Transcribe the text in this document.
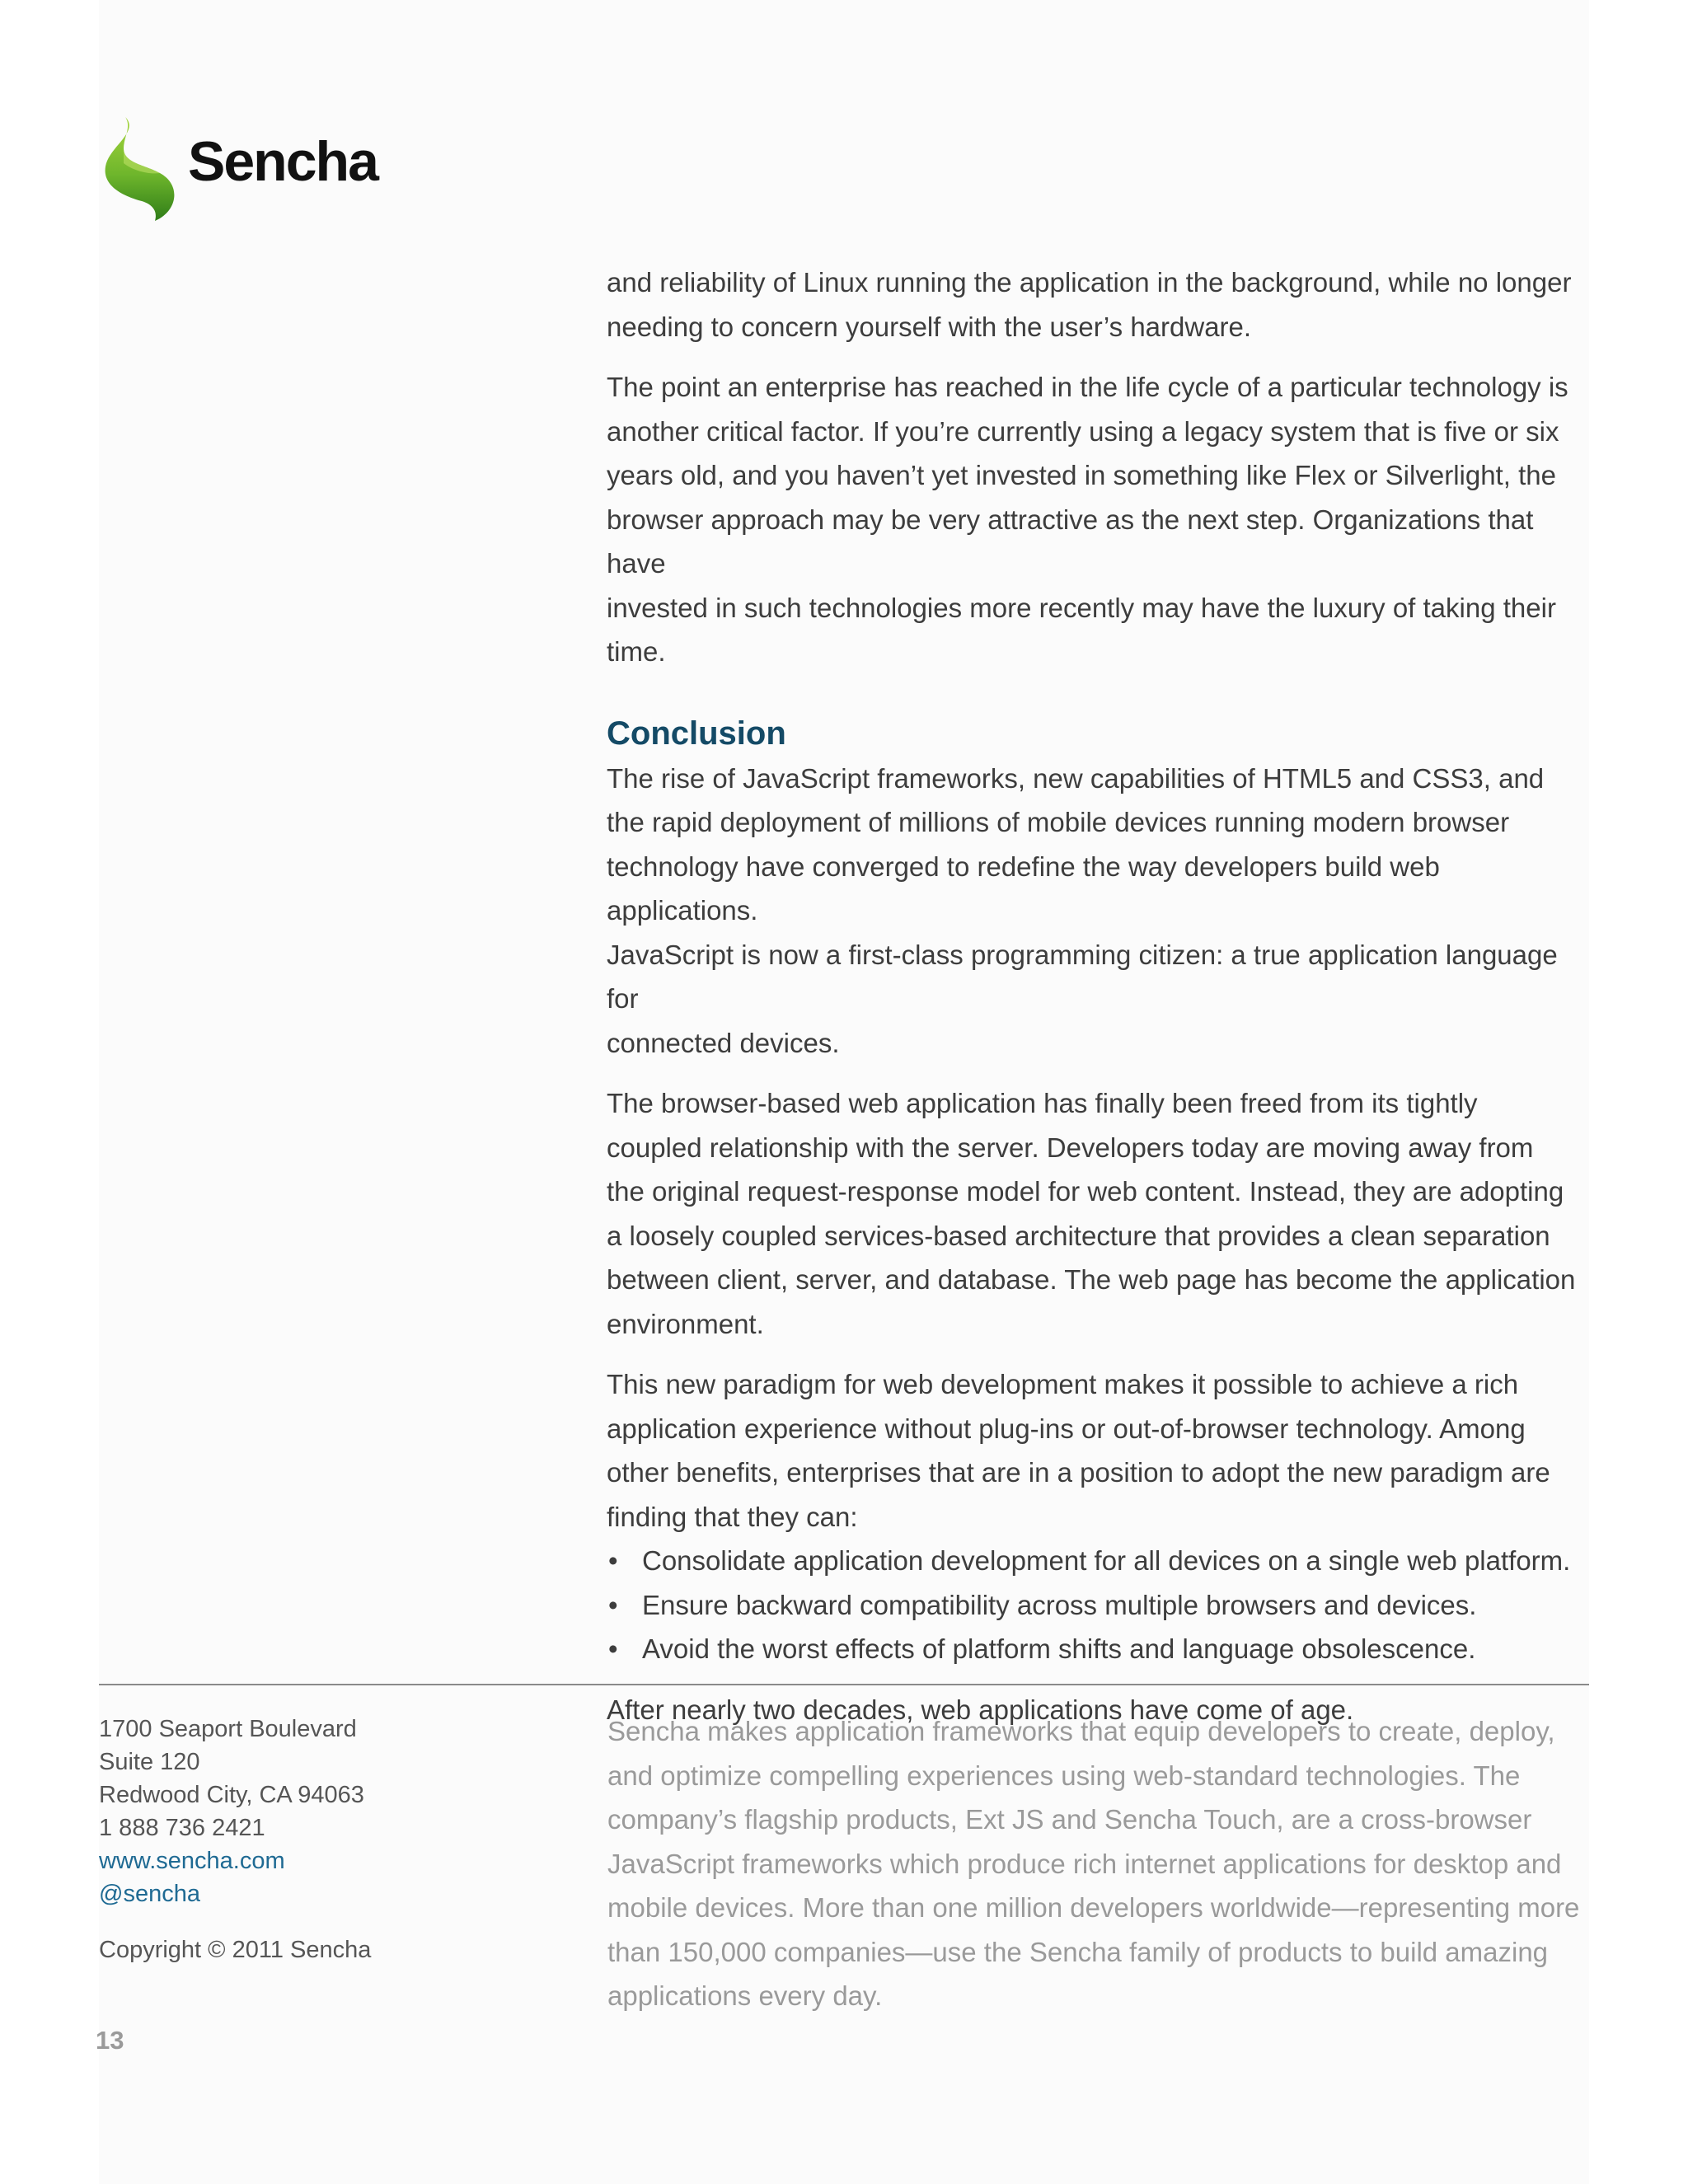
Sencha

and reliability of Linux running the application in the background, while no longer
needing to concern yourself with the user’s hardware.

The point an enterprise has reached in the life cycle of a particular technology is
another critical factor. If you’re currently using a legacy system that is five or six
years old, and you haven’t yet invested in something like Flex or Silverlight, the
browser approach may be very attractive as the next step. Organizations that have
invested in such technologies more recently may have the luxury of taking their
time.

Conclusion

The rise of JavaScript frameworks, new capabilities of HTML5 and CSS3, and
the rapid deployment of millions of mobile devices running modern browser
technology have converged to redefine the way developers build web applications.
JavaScript is now a first-class programming citizen: a true application language for
connected devices.

The browser-based web application has finally been freed from its tightly
coupled relationship with the server. Developers today are moving away from
the original request-response model for web content. Instead, they are adopting
a loosely coupled services-based architecture that provides a clean separation
between client, server, and database. The web page has become the application
environment.

This new paradigm for web development makes it possible to achieve a rich
application experience without plug-ins or out-of-browser technology. Among
other benefits, enterprises that are in a position to adopt the new paradigm are
finding that they can:

• Consolidate application development for all devices on a single web platform.
• Ensure backward compatibility across multiple browsers and devices.
• Avoid the worst effects of platform shifts and language obsolescence.

After nearly two decades, web applications have come of age.

1700 Seaport Boulevard
Suite 120
Redwood City, CA 94063
1 888 736 2421
www.sencha.com
@sencha
Copyright © 2011 Sencha
Sencha makes application frameworks that equip developers to create, deploy,
and optimize compelling experiences using web-standard technologies. The
company’s flagship products, Ext JS and Sencha Touch, are a cross-browser
JavaScript frameworks which produce rich internet applications for desktop and
mobile devices. More than one million developers worldwide—representing more
than 150,000 companies—use the Sencha family of products to build amazing
applications every day.
13
